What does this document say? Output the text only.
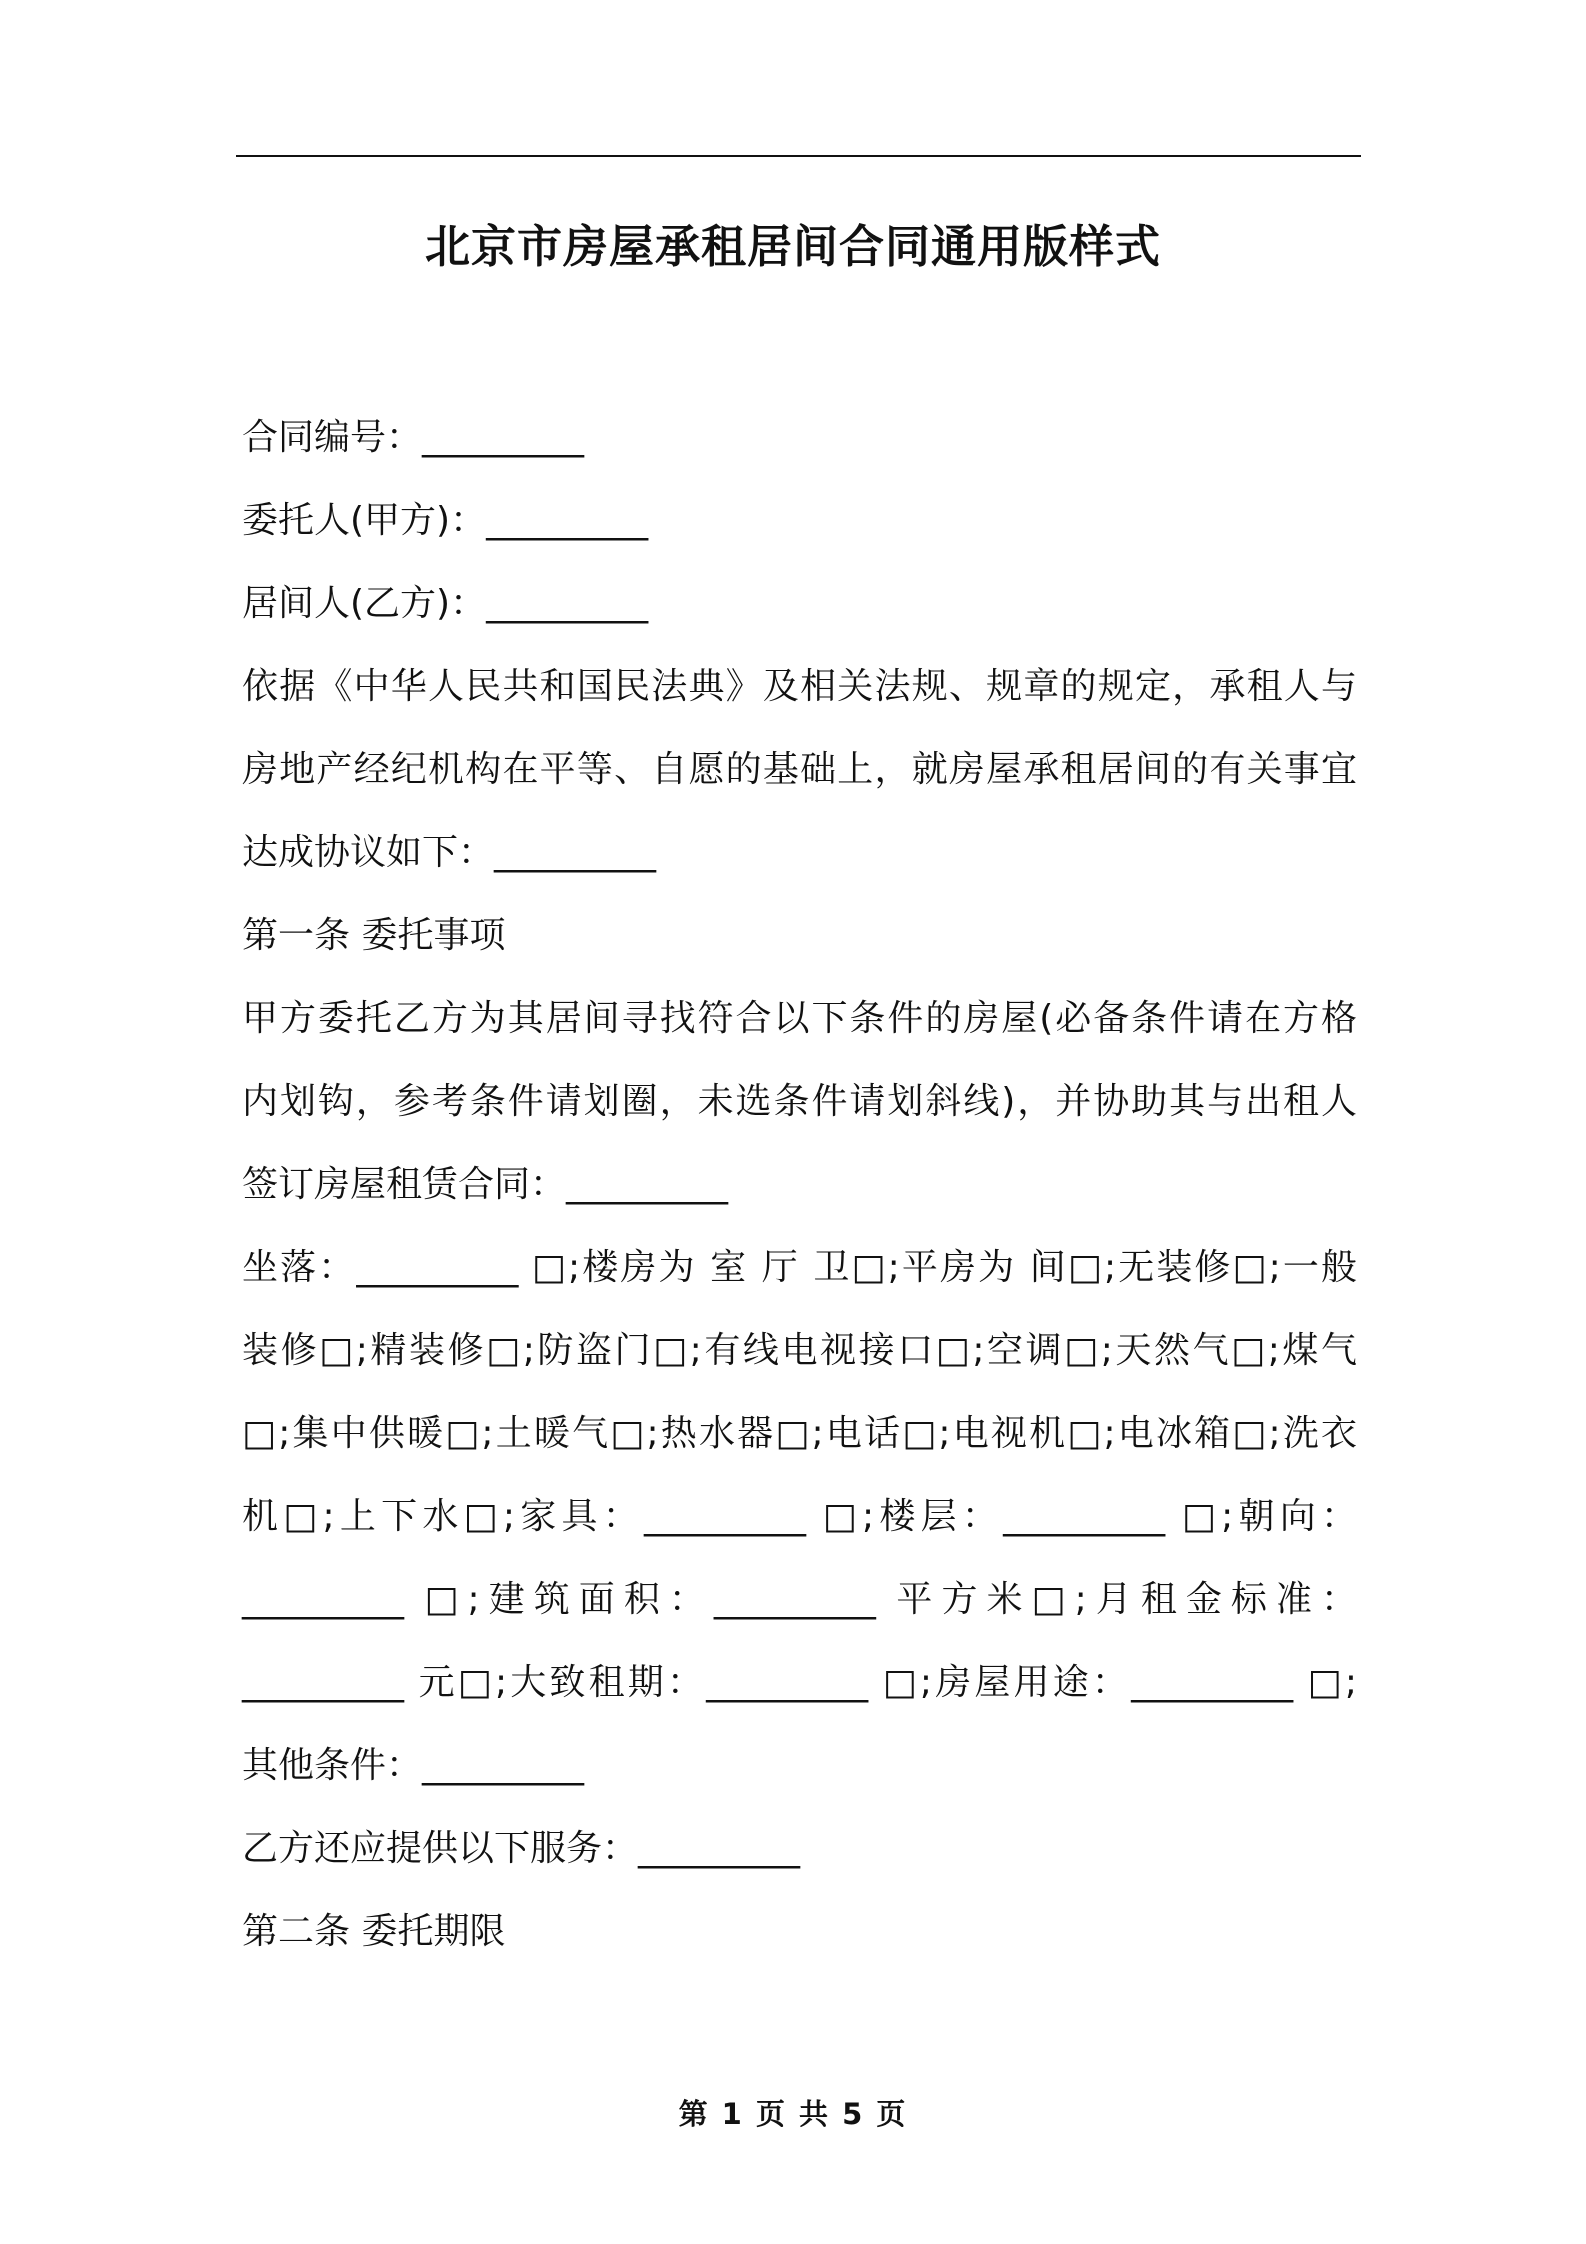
北京市房屋承租居间合同通用版样式

合同编号：_________

委托人(甲方)：_________

居间人(乙方)：_________

依据《中华人民共和国民法典》及相关法规、规章的规定，承租人与

房地产经纪机构在平等、自愿的基础上，就房屋承租居间的有关事宜

达成协议如下：_________

第一条 委托事项

甲方委托乙方为其居间寻找符合以下条件的房屋(必备条件请在方格

内划钩，参考条件请划圈，未选条件请划斜线)，并协助其与出租人

签订房屋租赁合同：_________

坐落：_________ □;楼房为 室 厅 卫□;平房为 间□;无装修□;一般

装修□;精装修□;防盗门□;有线电视接口□;空调□;天然气□;煤气

□;集中供暖□;土暖气□;热水器□;电话□;电视机□;电冰箱□;洗衣

机□;上下水□;家具：_________ □;楼层：_________ □;朝向：

_________ □;建筑面积：_________ 平方米□;月租金标准：

_________ 元□;大致租期：_________ □;房屋用途：_________ □;

其他条件：_________

乙方还应提供以下服务：_________

第二条 委托期限

第 1 页 共 5 页
